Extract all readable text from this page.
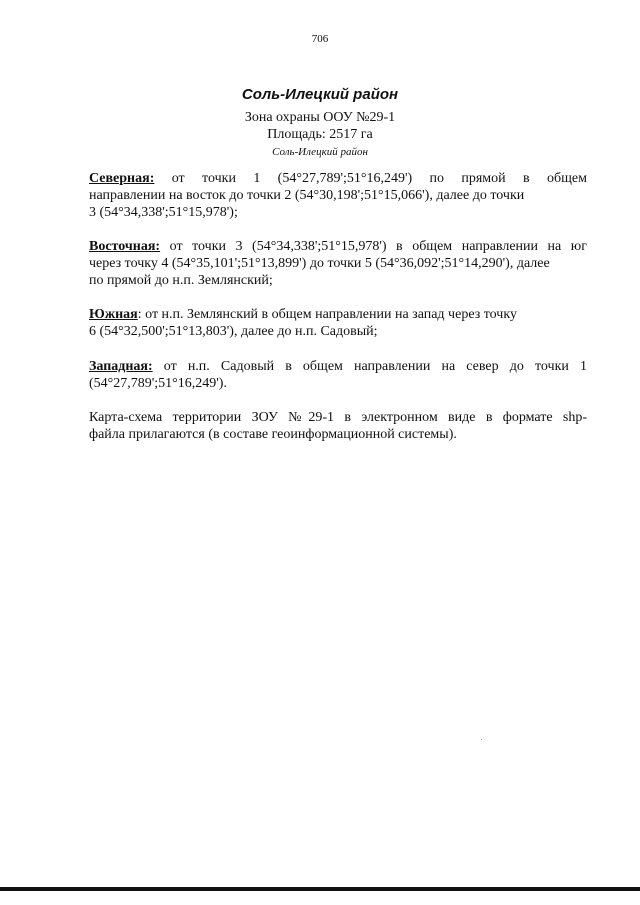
706
Соль-Илецкий район
Зона охраны ООУ №29-1
Площадь: 2517 га
Соль-Илецкий район
Северная: от точки 1 (54°27,789';51°16,249') по прямой в общем
направлении на восток до точки 2 (54°30,198';51°15,066'), далее до точки
3 (54°34,338';51°15,978');
Восточная: от точки 3 (54°34,338';51°15,978') в общем направлении на юг
через точку 4 (54°35,101';51°13,899') до точки 5 (54°36,092';51°14,290'), далее
по прямой до н.п. Землянский;
Южная: от н.п. Землянский в общем направлении на запад через точку
6 (54°32,500';51°13,803'), далее до н.п. Садовый;
Западная: от н.п. Садовый в общем направлении на север до точки 1
(54°27,789';51°16,249').
Карта-схема территории ЗОУ №29-1 в электронном виде в формате shp-
файла прилагаются (в составе геоинформационной системы).
